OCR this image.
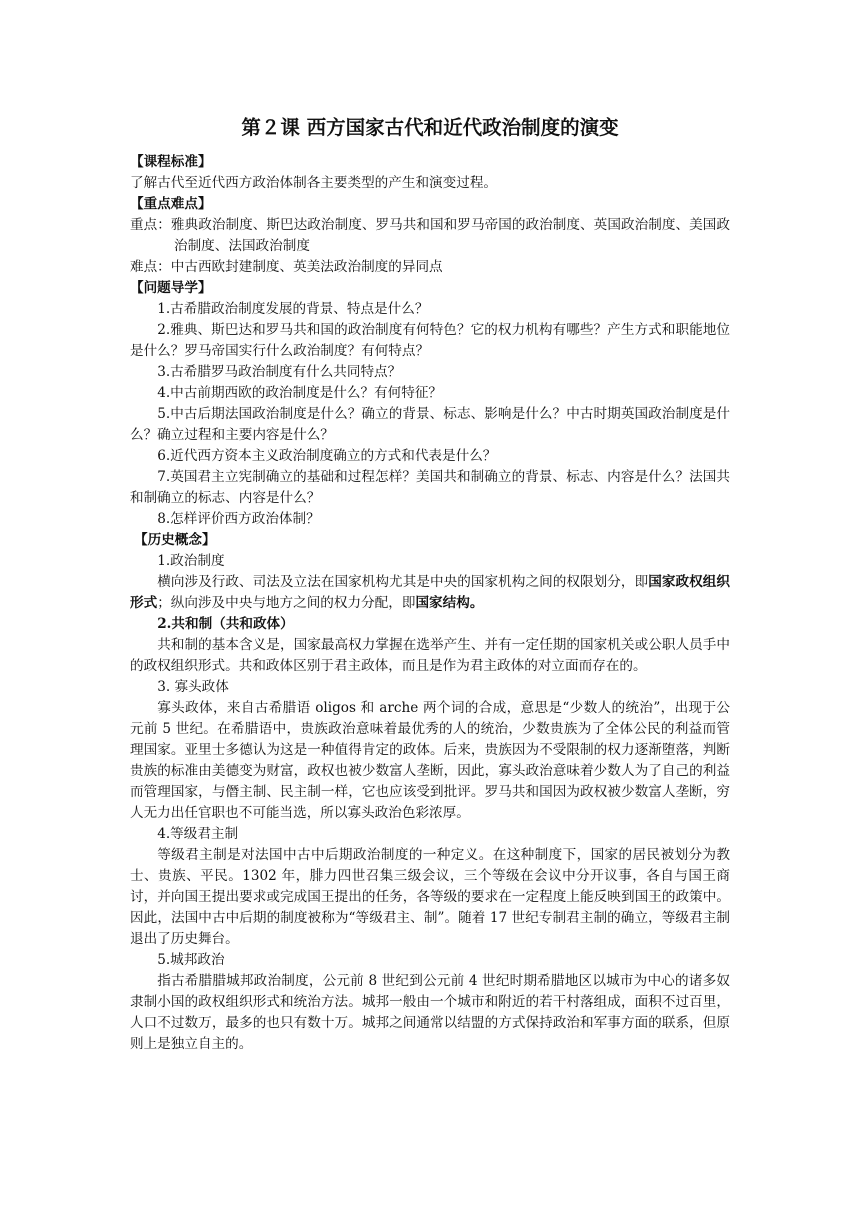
第２课 西方国家古代和近代政治制度的演变

【课程标准】

了解古代至近代西方政治体制各主要类型的产生和演变过程。

【重点难点】

重点：雅典政治制度、斯巴达政治制度、罗马共和国和罗马帝国的政治制度、英国政治制度、美国政治制度、法国政治制度

难点：中古西欧封建制度、英美法政治制度的异同点

【问题导学】

1.古希腊政治制度发展的背景、特点是什么？

2.雅典、斯巴达和罗马共和国的政治制度有何特色？它的权力机构有哪些？产生方式和职能地位是什么？罗马帝国实行什么政治制度？有何特点？

3.古希腊罗马政治制度有什么共同特点？

4.中古前期西欧的政治制度是什么？有何特征？

5.中古后期法国政治制度是什么？确立的背景、标志、影响是什么？中古时期英国政治制度是什么？确立过程和主要内容是什么？

6.近代西方资本主义政治制度确立的方式和代表是什么？

7.英国君主立宪制确立的基础和过程怎样？美国共和制确立的背景、标志、内容是什么？法国共和制确立的标志、内容是什么？

8.怎样评价西方政治体制？

【历史概念】

1.政治制度

横向涉及行政、司法及立法在国家机构尤其是中央的国家机构之间的权限划分，即国家政权组织形式；纵向涉及中央与地方之间的权力分配，即国家结构。

2.共和制（共和政体）

共和制的基本含义是，国家最高权力掌握在选举产生、并有一定任期的国家机关或公职人员手中的政权组织形式。共和政体区别于君主政体，而且是作为君主政体的对立面而存在的。

3. 寡头政体

寡头政体，来自古希腊语 oligos 和 arche 两个词的合成，意思是“少数人的统治”，出现于公元前 5 世纪。在希腊语中，贵族政治意味着最优秀的人的统治，少数贵族为了全体公民的利益而管理国家。亚里士多德认为这是一种值得肯定的政体。后来，贵族因为不受限制的权力逐渐堕落，判断贵族的标准由美德变为财富，政权也被少数富人垄断，因此，寡头政治意味着少数人为了自己的利益而管理国家，与僭主制、民主制一样，它也应该受到批评。罗马共和国因为政权被少数富人垄断，穷人无力出任官职也不可能当选，所以寡头政治色彩浓厚。

4.等级君主制

等级君主制是对法国中古中后期政治制度的一种定义。在这种制度下，国家的居民被划分为教士、贵族、平民。1302 年，腓力四世召集三级会议，三个等级在会议中分开议事，各自与国王商讨，并向国王提出要求或完成国王提出的任务，各等级的要求在一定程度上能反映到国王的政策中。因此，法国中古中后期的制度被称为“等级君主、制”。随着 17 世纪专制君主制的确立，等级君主制退出了历史舞台。

5.城邦政治

指古希腊腊城邦政治制度，公元前 8 世纪到公元前 4 世纪时期希腊地区以城市为中心的诸多奴隶制小国的政权组织形式和统治方法。城邦一般由一个城市和附近的若干村落组成，面积不过百里，人口不过数万，最多的也只有数十万。城邦之间通常以结盟的方式保持政治和军事方面的联系，但原则上是独立自主的。
